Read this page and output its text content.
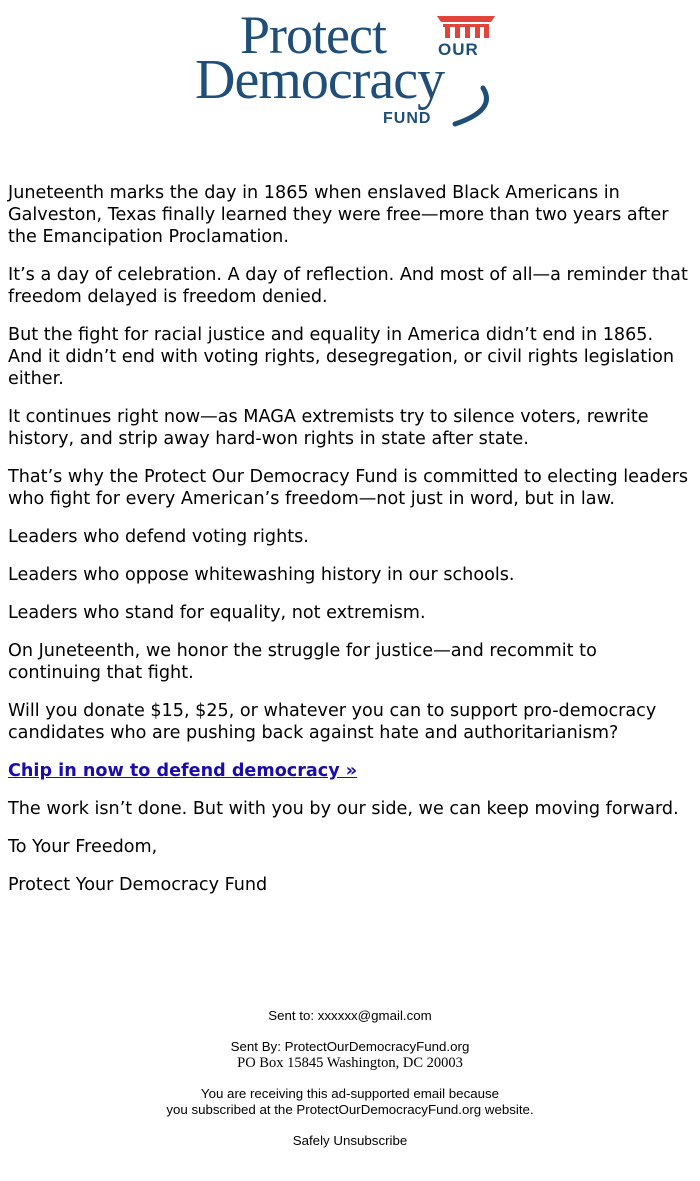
Protect	OUR
Democracy
FUND

Juneteenth marks the day in 1865 when enslaved Black Americans in Galveston, Texas finally learned they were free—more than two years after the Emancipation Proclamation.

It’s a day of celebration. A day of reflection. And most of all—a reminder that freedom delayed is freedom denied.

But the fight for racial justice and equality in America didn’t end in 1865. And it didn’t end with voting rights, desegregation, or civil rights legislation either.

It continues right now—as MAGA extremists try to silence voters, rewrite history, and strip away hard-won rights in state after state.

That’s why the Protect Our Democracy Fund is committed to electing leaders who fight for every American’s freedom—not just in word, but in law.

Leaders who defend voting rights.

Leaders who oppose whitewashing history in our schools.

Leaders who stand for equality, not extremism.

On Juneteenth, we honor the struggle for justice—and recommit to continuing that fight.

Will you donate $15, $25, or whatever you can to support pro-democracy candidates who are pushing back against hate and authoritarianism?

Chip in now to defend democracy »

The work isn’t done. But with you by our side, we can keep moving forward.

To Your Freedom,

Protect Your Democracy Fund

Sent to: xxxxxx@gmail.com

Sent By: ProtectOurDemocracyFund.org
PO Box 15845 Washington, DC 20003

You are receiving this ad-supported email because
you subscribed at the ProtectOurDemocracyFund.org website.

Safely Unsubscribe
